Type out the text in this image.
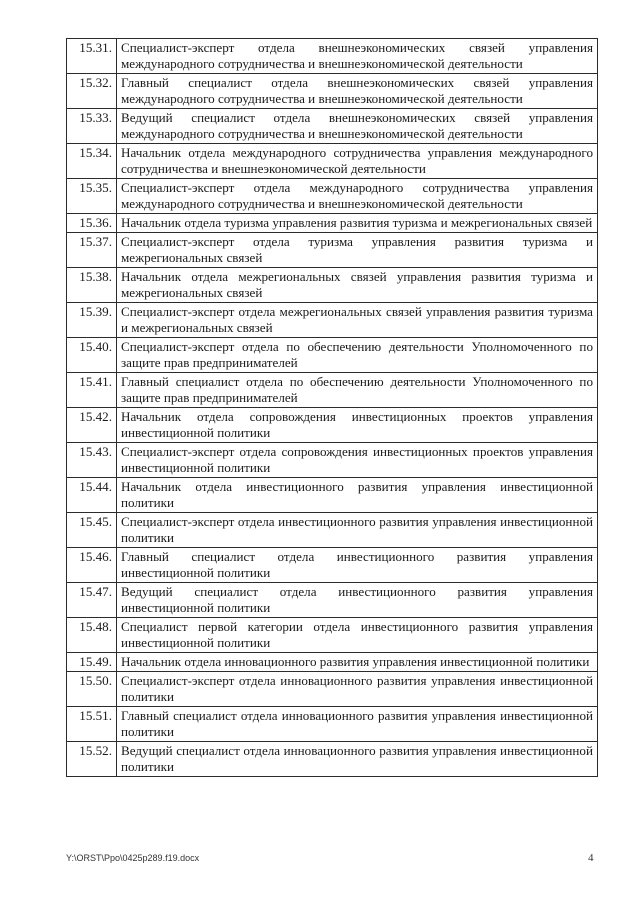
15.31.	Специалист-эксперт отдела внешнеэкономических связей управления международного сотрудничества и внешнеэкономической деятельности
15.32.	Главный специалист отдела внешнеэкономических связей управления международного сотрудничества и внешнеэкономической деятельности
15.33.	Ведущий специалист отдела внешнеэкономических связей управления международного сотрудничества и внешнеэкономической деятельности
15.34.	Начальник отдела международного сотрудничества управления международного сотрудничества и внешнеэкономической деятельности
15.35.	Специалист-эксперт отдела международного сотрудничества управления международного сотрудничества и внешнеэкономической деятельности
15.36.	Начальник отдела туризма управления развития туризма и межрегиональных связей
15.37.	Специалист-эксперт отдела туризма управления развития туризма и межрегиональных связей
15.38.	Начальник отдела межрегиональных связей управления развития туризма и межрегиональных связей
15.39.	Специалист-эксперт отдела межрегиональных связей управления развития туризма и межрегиональных связей
15.40.	Специалист-эксперт отдела по обеспечению деятельности Уполномоченного по защите прав предпринимателей
15.41.	Главный специалист отдела по обеспечению деятельности Уполномоченного по защите прав предпринимателей
15.42.	Начальник отдела сопровождения инвестиционных проектов управления инвестиционной политики
15.43.	Специалист-эксперт отдела сопровождения инвестиционных проектов управления инвестиционной политики
15.44.	Начальник отдела инвестиционного развития управления инвестиционной политики
15.45.	Специалист-эксперт отдела инвестиционного развития управления инвестиционной политики
15.46.	Главный специалист отдела инвестиционного развития управления инвестиционной политики
15.47.	Ведущий специалист отдела инвестиционного развития управления инвестиционной политики
15.48.	Специалист первой категории отдела инвестиционного развития управления инвестиционной политики
15.49.	Начальник отдела инновационного развития управления инвестиционной политики
15.50.	Специалист-эксперт отдела инновационного развития управления инвестиционной политики
15.51.	Главный специалист отдела инновационного развития управления инвестиционной политики
15.52.	Ведущий специалист отдела инновационного развития управления инвестиционной политики
Y:\ORST\Ppo\0425p289.f19.docx	4
